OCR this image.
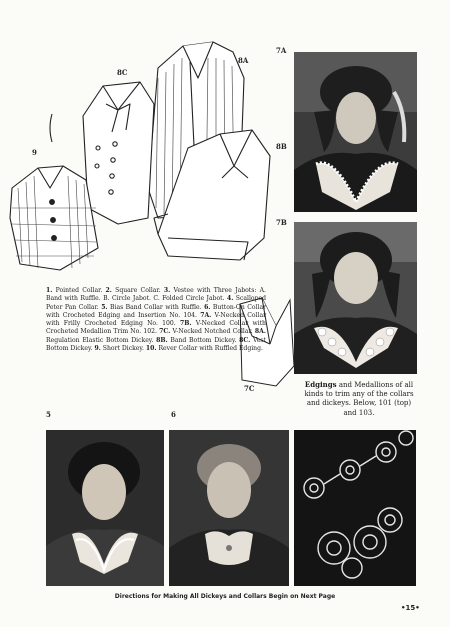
8C
8A
9
8B
7A
7B
7C
1. Pointed Collar. 2. Square Collar. 3. Vestee with Three Jabots: A. Band with Ruffle. B. Circle Jabot. C. Folded Circle Jabot. 4. Scalloped Peter Pan Collar. 5. Bias Band Collar with Ruffle. 6. Button-On Collar with Crocheted Edging and Insertion No. 104. 7A. V-Necked Collar with Frilly Crocheted Edging No. 100. 7B. V-Necked Collar with Crocheted Medallion Trim No. 102. 7C. V-Necked Notched Collar. 8A. Regulation Elastic Bottom Dickey. 8B. Band Bottom Dickey. 8C. Vest Bottom Dickey. 9. Short Dickey. 10. Rever Collar with Ruffled Edging.
Edgings and Medallions of all kinds to trim any of the collars and dickeys. Below, 101 (top) and 103.
5	6
Directions for Making All Dickeys and Collars Begin on Next Page
•15•
